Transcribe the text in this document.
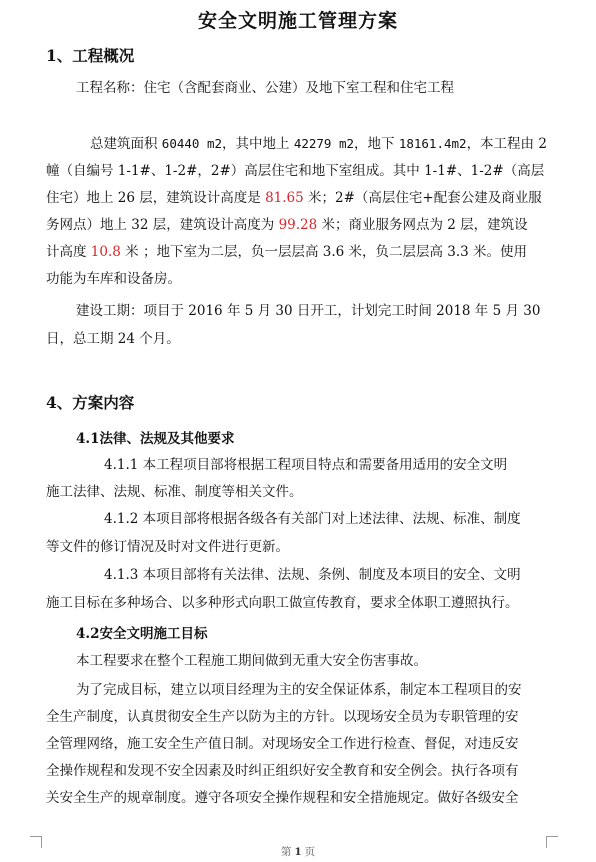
安全文明施工管理方案
1、工程概况
工程名称：住宅（含配套商业、公建）及地下室工程和住宅工程
总建筑面积 60440 m2，其中地上 42279 m2，地下 18161.4m2，本工程由 2
幢（自编号 1-1#、1-2#，2#）高层住宅和地下室组成。其中 1-1#、1-2#（高层
住宅）地上 26 层，建筑设计高度是 81.65 米；2#（高层住宅+配套公建及商业服
务网点）地上 32 层，建筑设计高度为 99.28 米；商业服务网点为 2 层，建筑设
计高度 10.8 米 ；地下室为二层，负一层层高 3.6 米，负二层层高 3.3 米。使用
功能为车库和设备房。
建设工期：项目于 2016 年 5 月 30 日开工，计划完工时间 2018 年 5 月 30
日，总工期 24 个月。
4、方案内容
4.1法律、法规及其他要求
4.1.1 本工程项目部将根据工程项目特点和需要备用适用的安全文明
施工法律、法规、标准、制度等相关文件。
4.1.2 本项目部将根据各级各有关部门对上述法律、法规、标准、制度
等文件的修订情况及时对文件进行更新。
4.1.3 本项目部将有关法律、法规、条例、制度及本项目的安全、文明
施工目标在多种场合、以多种形式向职工做宣传教育，要求全体职工遵照执行。
4.2安全文明施工目标
本工程要求在整个工程施工期间做到无重大安全伤害事故。
为了完成目标，建立以项目经理为主的安全保证体系，制定本工程项目的安
全生产制度，认真贯彻安全生产以防为主的方针。以现场安全员为专职管理的安
全管理网络，施工安全生产值日制。对现场安全工作进行检查、督促，对违反安
全操作规程和发现不安全因素及时纠正组织好安全教育和安全例会。执行各项有
关安全生产的规章制度。遵守各项安全操作规程和安全措施规定。做好各级安全
第 1 页
